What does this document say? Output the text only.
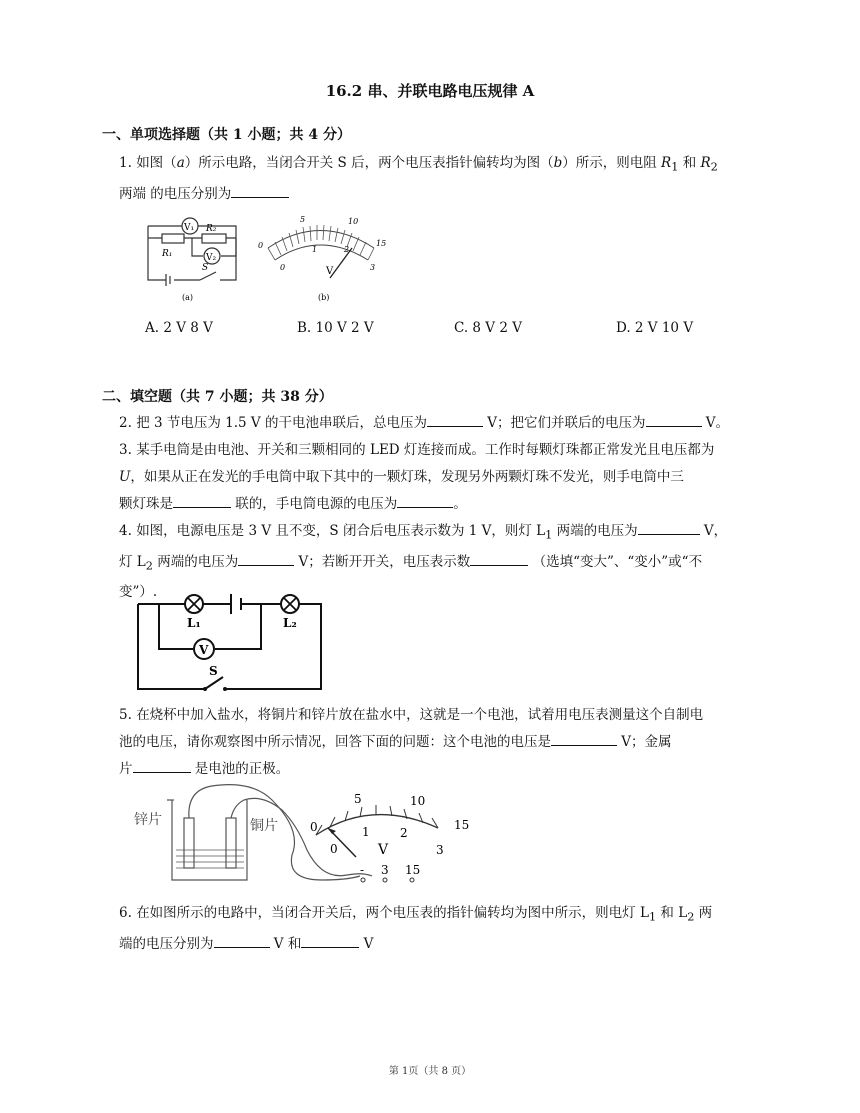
16.2 串、并联电路电压规律 A
一、单项选择题（共 1 小题；共 4 分）
1. 如图（a）所示电路，当闭合开关 S 后，两个电压表指针偏转均为图（b）所示，则电阻 $R_1$ 和 $R_2$
两端 的电压分别为
V₁
V₂
R₁
R₂
S
(a)
0
5	10
15
0
1	2
3
V
(b)
A. 2 V 8 V	B. 10 V 2 V	C. 8 V 2 V	D. 2 V 10 V
二、填空题（共 7 小题；共 38 分）
2. 把 3 节电压为 1.5 V 的干电池串联后，总电压为	V；把它们并联后的电压为	V。
3. 某手电筒是由电池、开关和三颗相同的 LED 灯连接而成。工作时每颗灯珠都正常发光且电压都为
U，如果从正在发光的手电筒中取下其中的一颗灯珠，发现另外两颗灯珠不发光，则手电筒中三
颗灯珠是	联的，手电筒电源的电压为	。
4. 如图，电源电压是 3 V 且不变，S 闭合后电压表示数为 1 V，则灯 $L_1$ 两端的电压为	V，
灯 $L_2$ 两端的电压为	V；若断开开关，电压表示数	（选填“变大”、“变小”或“不
变”）.
L₁	L₂
V
S
5. 在烧杯中加入盐水，将铜片和锌片放在盐水中，这就是一个电池，试着用电压表测量这个自制电
池的电压，请你观察图中所示情况，回答下面的问题：这个电池的电压是	V；金属
片	是电池的正极。
锌片	铜片	0
5	10
15
0
1	2
3
V
- 3 15
6. 在如图所示的电路中，当闭合开关后，两个电压表的指针偏转均为图中所示，则电灯 $L_1$ 和 $L_2$ 两
端的电压分别为	V 和	V
第 1页（共 8 页）
